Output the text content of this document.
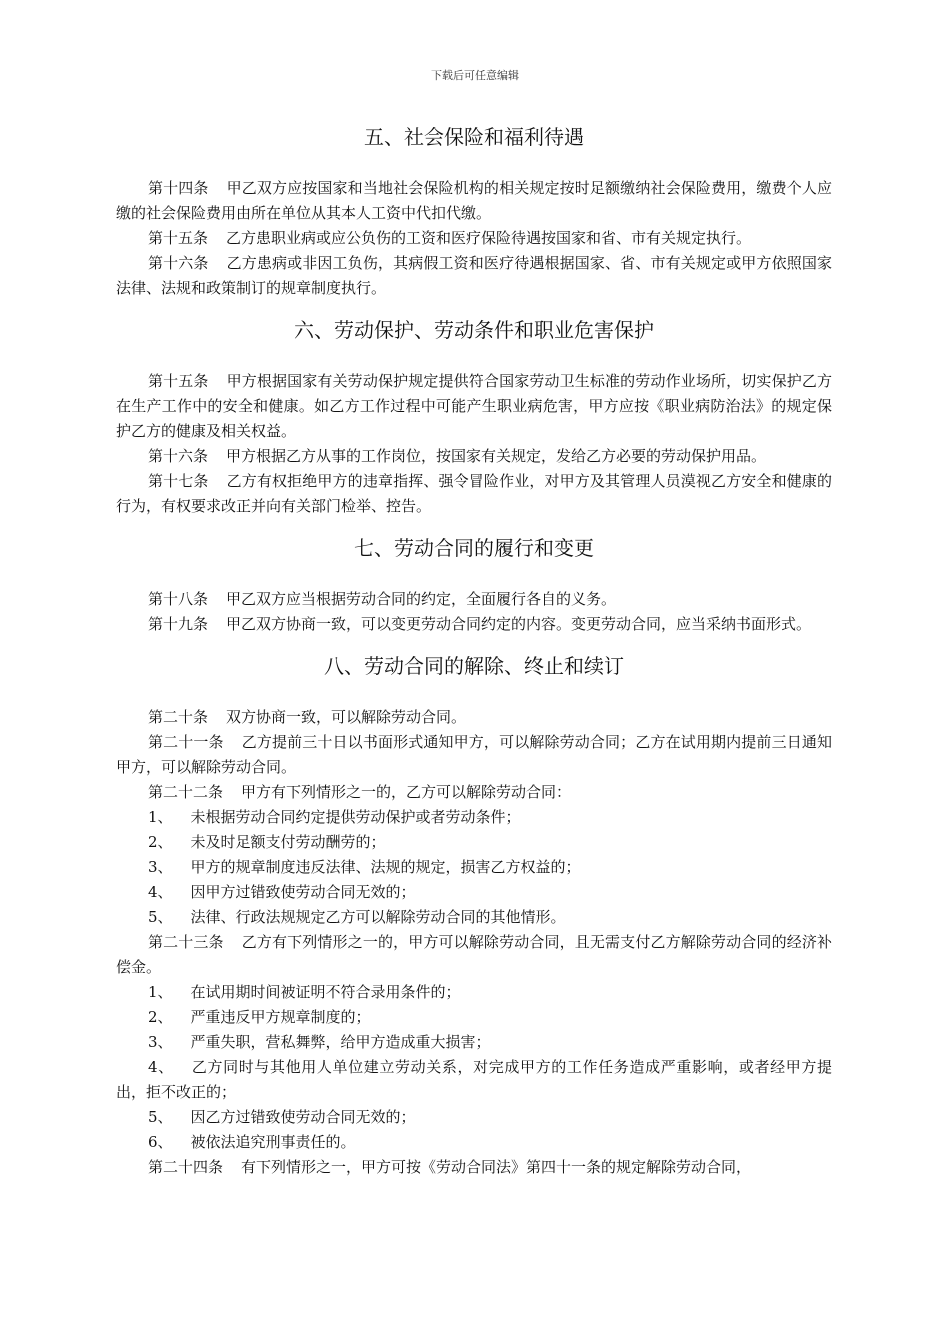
下载后可任意编辑
五、社会保险和福利待遇

第十四条 甲乙双方应按国家和当地社会保险机构的相关规定按时足额缴纳社会保险费用，缴费个人应缴的社会保险费用由所在单位从其本人工资中代扣代缴。

第十五条 乙方患职业病或应公负伤的工资和医疗保险待遇按国家和省、市有关规定执行。

第十六条 乙方患病或非因工负伤，其病假工资和医疗待遇根据国家、省、市有关规定或甲方依照国家法律、法规和政策制订的规章制度执行。

六、劳动保护、劳动条件和职业危害保护

第十五条 甲方根据国家有关劳动保护规定提供符合国家劳动卫生标准的劳动作业场所，切实保护乙方在生产工作中的安全和健康。如乙方工作过程中可能产生职业病危害，甲方应按《职业病防治法》的规定保护乙方的健康及相关权益。

第十六条 甲方根据乙方从事的工作岗位，按国家有关规定，发给乙方必要的劳动保护用品。

第十七条 乙方有权拒绝甲方的违章指挥、强令冒险作业，对甲方及其管理人员漠视乙方安全和健康的行为，有权要求改正并向有关部门检举、控告。

七、劳动合同的履行和变更

第十八条 甲乙双方应当根据劳动合同的约定，全面履行各自的义务。

第十九条 甲乙双方协商一致，可以变更劳动合同约定的内容。变更劳动合同，应当采纳书面形式。

八、劳动合同的解除、终止和续订

第二十条 双方协商一致，可以解除劳动合同。

第二十一条 乙方提前三十日以书面形式通知甲方，可以解除劳动合同；乙方在试用期内提前三日通知甲方，可以解除劳动合同。

第二十二条 甲方有下列情形之一的，乙方可以解除劳动合同：

1、 未根据劳动合同约定提供劳动保护或者劳动条件；

2、 未及时足额支付劳动酬劳的；

3、 甲方的规章制度违反法律、法规的规定，损害乙方权益的；

4、 因甲方过错致使劳动合同无效的；

5、 法律、行政法规规定乙方可以解除劳动合同的其他情形。

第二十三条 乙方有下列情形之一的，甲方可以解除劳动合同，且无需支付乙方解除劳动合同的经济补偿金。

1、 在试用期时间被证明不符合录用条件的；

2、 严重违反甲方规章制度的；

3、 严重失职，营私舞弊，给甲方造成重大损害；

4、 乙方同时与其他用人单位建立劳动关系，对完成甲方的工作任务造成严重影响，或者经甲方提出，拒不改正的；

5、 因乙方过错致使劳动合同无效的；

6、 被依法追究刑事责任的。

第二十四条 有下列情形之一，甲方可按《劳动合同法》第四十一条的规定解除劳动合同，
